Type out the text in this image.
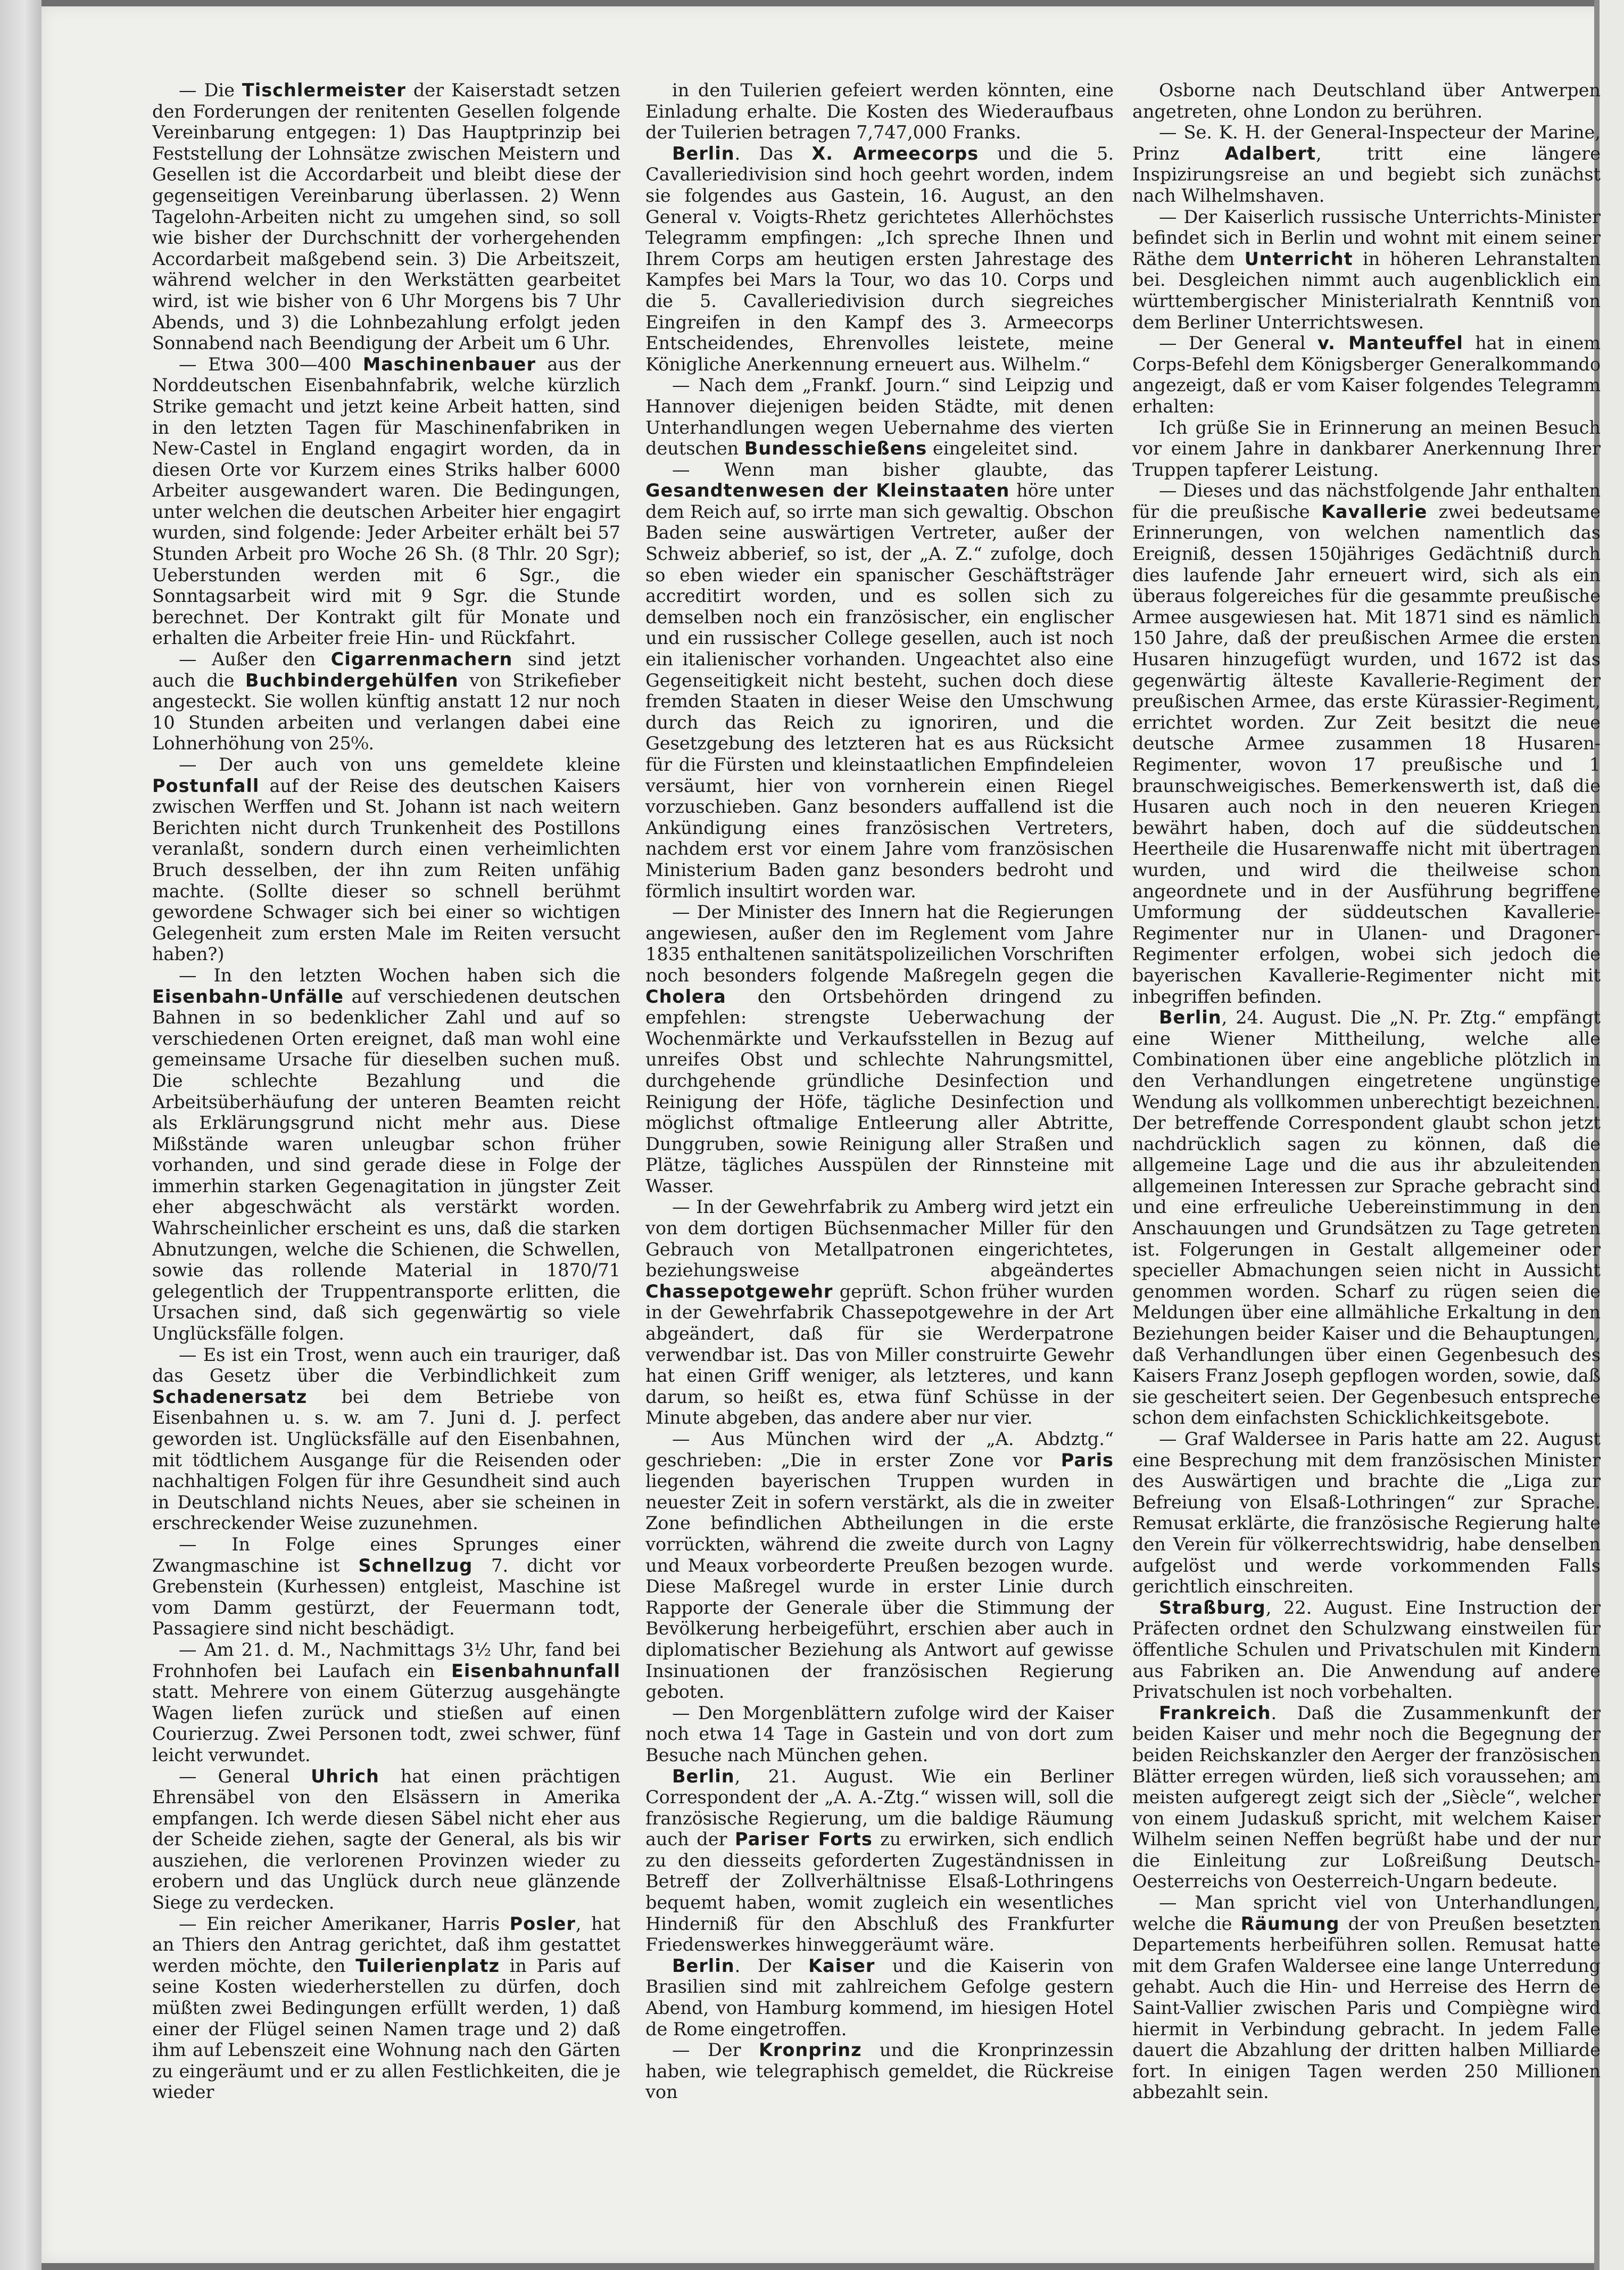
— Die Tischlermeister der Kaiserstadt setzen den Forderungen der renitenten Gesellen folgende Vereinbarung entgegen: 1) Das Hauptprinzip bei Feststellung der Lohnsätze zwischen Meistern und Gesellen ist die Accordarbeit und bleibt diese der gegenseitigen Vereinbarung überlassen. 2) Wenn Tagelohn-Arbeiten nicht zu umgehen sind, so soll wie bisher der Durchschnitt der vorhergehenden Accordarbeit maßgebend sein. 3) Die Arbeitszeit, während welcher in den Werkstätten gearbeitet wird, ist wie bisher von 6 Uhr Morgens bis 7 Uhr Abends, und 3) die Lohnbezahlung erfolgt jeden Sonnabend nach Beendigung der Arbeit um 6 Uhr.

— Etwa 300—400 Maschinenbauer aus der Norddeutschen Eisenbahnfabrik, welche kürzlich Strike gemacht und jetzt keine Arbeit hatten, sind in den letzten Tagen für Maschinenfabriken in New-Castel in England engagirt worden, da in diesen Orte vor Kurzem eines Striks halber 6000 Arbeiter ausgewandert waren. Die Bedingungen, unter welchen die deutschen Arbeiter hier engagirt wurden, sind folgende: Jeder Arbeiter erhält bei 57 Stunden Arbeit pro Woche 26 Sh. (8 Thlr. 20 Sgr); Ueberstunden werden mit 6 Sgr., die Sonntagsarbeit wird mit 9 Sgr. die Stunde berechnet. Der Kontrakt gilt für Monate und erhalten die Arbeiter freie Hin- und Rückfahrt.

— Außer den Cigarrenmachern sind jetzt auch die Buchbindergehülfen von Strikefieber angesteckt. Sie wollen künftig anstatt 12 nur noch 10 Stunden arbeiten und verlangen dabei eine Lohnerhöhung von 25⁰⁄₀.

— Der auch von uns gemeldete kleine Postunfall auf der Reise des deutschen Kaisers zwischen Werffen und St. Johann ist nach weitern Berichten nicht durch Trunkenheit des Postillons veranlaßt, sondern durch einen verheimlichten Bruch desselben, der ihn zum Reiten unfähig machte. (Sollte dieser so schnell berühmt gewordene Schwager sich bei einer so wichtigen Gelegenheit zum ersten Male im Reiten versucht haben?)

— In den letzten Wochen haben sich die Eisenbahn-Unfälle auf verschiedenen deutschen Bahnen in so bedenklicher Zahl und auf so verschiedenen Orten ereignet, daß man wohl eine gemeinsame Ursache für dieselben suchen muß. Die schlechte Bezahlung und die Arbeitsüberhäufung der unteren Beamten reicht als Erklärungsgrund nicht mehr aus. Diese Mißstände waren unleugbar schon früher vorhanden, und sind gerade diese in Folge der immerhin starken Gegenagitation in jüngster Zeit eher abgeschwächt als verstärkt worden. Wahrscheinlicher erscheint es uns, daß die starken Abnutzungen, welche die Schienen, die Schwellen, sowie das rollende Material in 1870/71 gelegentlich der Truppentransporte erlitten, die Ursachen sind, daß sich gegenwärtig so viele Unglücksfälle folgen.

— Es ist ein Trost, wenn auch ein trauriger, daß das Gesetz über die Verbindlichkeit zum Schadenersatz bei dem Betriebe von Eisenbahnen u. s. w. am 7. Juni d. J. perfect geworden ist. Unglücksfälle auf den Eisenbahnen, mit tödtlichem Ausgange für die Reisenden oder nachhaltigen Folgen für ihre Gesundheit sind auch in Deutschland nichts Neues, aber sie scheinen in erschreckender Weise zuzunehmen.

— In Folge eines Sprunges einer Zwangmaschine ist Schnellzug 7. dicht vor Grebenstein (Kurhessen) entgleist, Maschine ist vom Damm gestürzt, der Feuermann todt, Passagiere sind nicht beschädigt.

— Am 21. d. M., Nachmittags 3¹⁄₂ Uhr, fand bei Frohnhofen bei Laufach ein Eisenbahnunfall statt. Mehrere von einem Güterzug ausgehängte Wagen liefen zurück und stießen auf einen Courierzug. Zwei Personen todt, zwei schwer, fünf leicht verwundet.

— General Uhrich hat einen prächtigen Ehrensäbel von den Elsässern in Amerika empfangen. Ich werde diesen Säbel nicht eher aus der Scheide ziehen, sagte der General, als bis wir ausziehen, die verlorenen Provinzen wieder zu erobern und das Unglück durch neue glänzende Siege zu verdecken.

— Ein reicher Amerikaner, Harris Posler, hat an Thiers den Antrag gerichtet, daß ihm gestattet werden möchte, den Tuilerienplatz in Paris auf seine Kosten wiederherstellen zu dürfen, doch müßten zwei Bedingungen erfüllt werden, 1) daß einer der Flügel seinen Namen trage und 2) daß ihm auf Lebenszeit eine Wohnung nach den Gärten zu eingeräumt und er zu allen Festlichkeiten, die je wieder

in den Tuilerien gefeiert werden könnten, eine Einladung erhalte. Die Kosten des Wiederaufbaus der Tuilerien betragen 7,747,000 Franks.

Berlin. Das X. Armeecorps und die 5. Cavalleriedivision sind hoch geehrt worden, indem sie folgendes aus Gastein, 16. August, an den General v. Voigts-Rhetz gerichtetes Allerhöchstes Telegramm empfingen: „Ich spreche Ihnen und Ihrem Corps am heutigen ersten Jahrestage des Kampfes bei Mars la Tour, wo das 10. Corps und die 5. Cavalleriedivision durch siegreiches Eingreifen in den Kampf des 3. Armeecorps Entscheidendes, Ehrenvolles leistete, meine Königliche Anerkennung erneuert aus. Wilhelm.“

— Nach dem „Frankf. Journ.“ sind Leipzig und Hannover diejenigen beiden Städte, mit denen Unterhandlungen wegen Uebernahme des vierten deutschen Bundesschießens eingeleitet sind.

— Wenn man bisher glaubte, das Gesandtenwesen der Kleinstaaten höre unter dem Reich auf, so irrte man sich gewaltig. Obschon Baden seine auswärtigen Vertreter, außer der Schweiz abberief, so ist, der „A. Z.“ zufolge, doch so eben wieder ein spanischer Geschäftsträger accreditirt worden, und es sollen sich zu demselben noch ein französischer, ein englischer und ein russischer College gesellen, auch ist noch ein italienischer vorhanden. Ungeachtet also eine Gegenseitigkeit nicht besteht, suchen doch diese fremden Staaten in dieser Weise den Umschwung durch das Reich zu ignoriren, und die Gesetzgebung des letzteren hat es aus Rücksicht für die Fürsten und kleinstaatlichen Empfindeleien versäumt, hier von vornherein einen Riegel vorzuschieben. Ganz besonders auffallend ist die Ankündigung eines französischen Vertreters, nachdem erst vor einem Jahre vom französischen Ministerium Baden ganz besonders bedroht und förmlich insultirt worden war.

— Der Minister des Innern hat die Regierungen angewiesen, außer den im Reglement vom Jahre 1835 enthaltenen sanitätspolizeilichen Vorschriften noch besonders folgende Maßregeln gegen die Cholera den Ortsbehörden dringend zu empfehlen: strengste Ueberwachung der Wochenmärkte und Verkaufsstellen in Bezug auf unreifes Obst und schlechte Nahrungsmittel, durchgehende gründliche Desinfection und Reinigung der Höfe, tägliche Desinfection und möglichst oftmalige Entleerung aller Abtritte, Dunggruben, sowie Reinigung aller Straßen und Plätze, tägliches Ausspülen der Rinnsteine mit Wasser.

— In der Gewehrfabrik zu Amberg wird jetzt ein von dem dortigen Büchsenmacher Miller für den Gebrauch von Metallpatronen eingerichtetes, beziehungsweise abgeändertes Chassepotgewehr geprüft. Schon früher wurden in der Gewehrfabrik Chassepotgewehre in der Art abgeändert, daß für sie Werderpatrone verwendbar ist. Das von Miller construirte Gewehr hat einen Griff weniger, als letzteres, und kann darum, so heißt es, etwa fünf Schüsse in der Minute abgeben, das andere aber nur vier.

— Aus München wird der „A. Abdztg.“ geschrieben: „Die in erster Zone vor Paris liegenden bayerischen Truppen wurden in neuester Zeit in sofern verstärkt, als die in zweiter Zone befindlichen Abtheilungen in die erste vorrückten, während die zweite durch von Lagny und Meaux vorbeorderte Preußen bezogen wurde. Diese Maßregel wurde in erster Linie durch Rapporte der Generale über die Stimmung der Bevölkerung herbeigeführt, erschien aber auch in diplomatischer Beziehung als Antwort auf gewisse Insinuationen der französischen Regierung geboten.

— Den Morgenblättern zufolge wird der Kaiser noch etwa 14 Tage in Gastein und von dort zum Besuche nach München gehen.

Berlin, 21. August. Wie ein Berliner Correspondent der „A. A.-Ztg.“ wissen will, soll die französische Regierung, um die baldige Räumung auch der Pariser Forts zu erwirken, sich endlich zu den diesseits geforderten Zugeständnissen in Betreff der Zollverhältnisse Elsaß-Lothringens bequemt haben, womit zugleich ein wesentliches Hinderniß für den Abschluß des Frankfurter Friedenswerkes hinweggeräumt wäre.

Berlin. Der Kaiser und die Kaiserin von Brasilien sind mit zahlreichem Gefolge gestern Abend, von Hamburg kommend, im hiesigen Hotel de Rome eingetroffen.

— Der Kronprinz und die Kronprinzessin haben, wie telegraphisch gemeldet, die Rückreise von

Osborne nach Deutschland über Antwerpen angetreten, ohne London zu berühren.

— Se. K. H. der General-Inspecteur der Marine, Prinz Adalbert, tritt eine längere Inspizirungsreise an und begiebt sich zunächst nach Wilhelmshaven.

— Der Kaiserlich russische Unterrichts-Minister befindet sich in Berlin und wohnt mit einem seiner Räthe dem Unterricht in höheren Lehranstalten bei. Desgleichen nimmt auch augenblicklich ein württembergischer Ministerialrath Kenntniß von dem Berliner Unterrichtswesen.

— Der General v. Manteuffel hat in einem Corps-Befehl dem Königsberger Generalkommando angezeigt, daß er vom Kaiser folgendes Telegramm erhalten:

Ich grüße Sie in Erinnerung an meinen Besuch vor einem Jahre in dankbarer Anerkennung Ihrer Truppen tapferer Leistung.

— Dieses und das nächstfolgende Jahr enthalten für die preußische Kavallerie zwei bedeutsame Erinnerungen, von welchen namentlich das Ereigniß, dessen 150jähriges Gedächtniß durch dies laufende Jahr erneuert wird, sich als ein überaus folgereiches für die gesammte preußische Armee ausgewiesen hat. Mit 1871 sind es nämlich 150 Jahre, daß der preußischen Armee die ersten Husaren hinzugefügt wurden, und 1672 ist das gegenwärtig älteste Kavallerie-Regiment der preußischen Armee, das erste Kürassier-Regiment, errichtet worden. Zur Zeit besitzt die neue deutsche Armee zusammen 18 Husaren-Regimenter, wovon 17 preußische und 1 braunschweigisches. Bemerkenswerth ist, daß die Husaren auch noch in den neueren Kriegen bewährt haben, doch auf die süddeutschen Heertheile die Husarenwaffe nicht mit übertragen wurden, und wird die theilweise schon angeordnete und in der Ausführung begriffene Umformung der süddeutschen Kavallerie-Regimenter nur in Ulanen- und Dragoner-Regimenter erfolgen, wobei sich jedoch die bayerischen Kavallerie-Regimenter nicht mit inbegriffen befinden.

Berlin, 24. August. Die „N. Pr. Ztg.“ empfängt eine Wiener Mittheilung, welche alle Combinationen über eine angebliche plötzlich in den Verhandlungen eingetretene ungünstige Wendung als vollkommen unberechtigt bezeichnen. Der betreffende Correspondent glaubt schon jetzt nachdrücklich sagen zu können, daß die allgemeine Lage und die aus ihr abzuleitenden allgemeinen Interessen zur Sprache gebracht sind und eine erfreuliche Uebereinstimmung in den Anschauungen und Grundsätzen zu Tage getreten ist. Folgerungen in Gestalt allgemeiner oder specieller Abmachungen seien nicht in Aussicht genommen worden. Scharf zu rügen seien die Meldungen über eine allmähliche Erkaltung in den Beziehungen beider Kaiser und die Behauptungen, daß Verhandlungen über einen Gegenbesuch des Kaisers Franz Joseph gepflogen worden, sowie, daß sie gescheitert seien. Der Gegenbesuch entspreche schon dem einfachsten Schicklichkeitsgebote.

— Graf Waldersee in Paris hatte am 22. August eine Besprechung mit dem französischen Minister des Auswärtigen und brachte die „Liga zur Befreiung von Elsaß-Lothringen“ zur Sprache. Remusat erklärte, die französische Regierung halte den Verein für völkerrechtswidrig, habe denselben aufgelöst und werde vorkommenden Falls gerichtlich einschreiten.

Straßburg, 22. August. Eine Instruction der Präfecten ordnet den Schulzwang einstweilen für öffentliche Schulen und Privatschulen mit Kindern aus Fabriken an. Die Anwendung auf andere Privatschulen ist noch vorbehalten.

Frankreich. Daß die Zusammenkunft der beiden Kaiser und mehr noch die Begegnung der beiden Reichskanzler den Aerger der französischen Blätter erregen würden, ließ sich voraussehen; am meisten aufgeregt zeigt sich der „Siècle“, welcher von einem Judaskuß spricht, mit welchem Kaiser Wilhelm seinen Neffen begrüßt habe und der nur die Einleitung zur Loßreißung Deutsch-Oesterreichs von Oesterreich-Ungarn bedeute.

— Man spricht viel von Unterhandlungen, welche die Räumung der von Preußen besetzten Departements herbeiführen sollen. Remusat hatte mit dem Grafen Waldersee eine lange Unterredung gehabt. Auch die Hin- und Herreise des Herrn de Saint-Vallier zwischen Paris und Compiègne wird hiermit in Verbindung gebracht. In jedem Falle dauert die Abzahlung der dritten halben Milliarde fort. In einigen Tagen werden 250 Millionen abbezahlt sein.
